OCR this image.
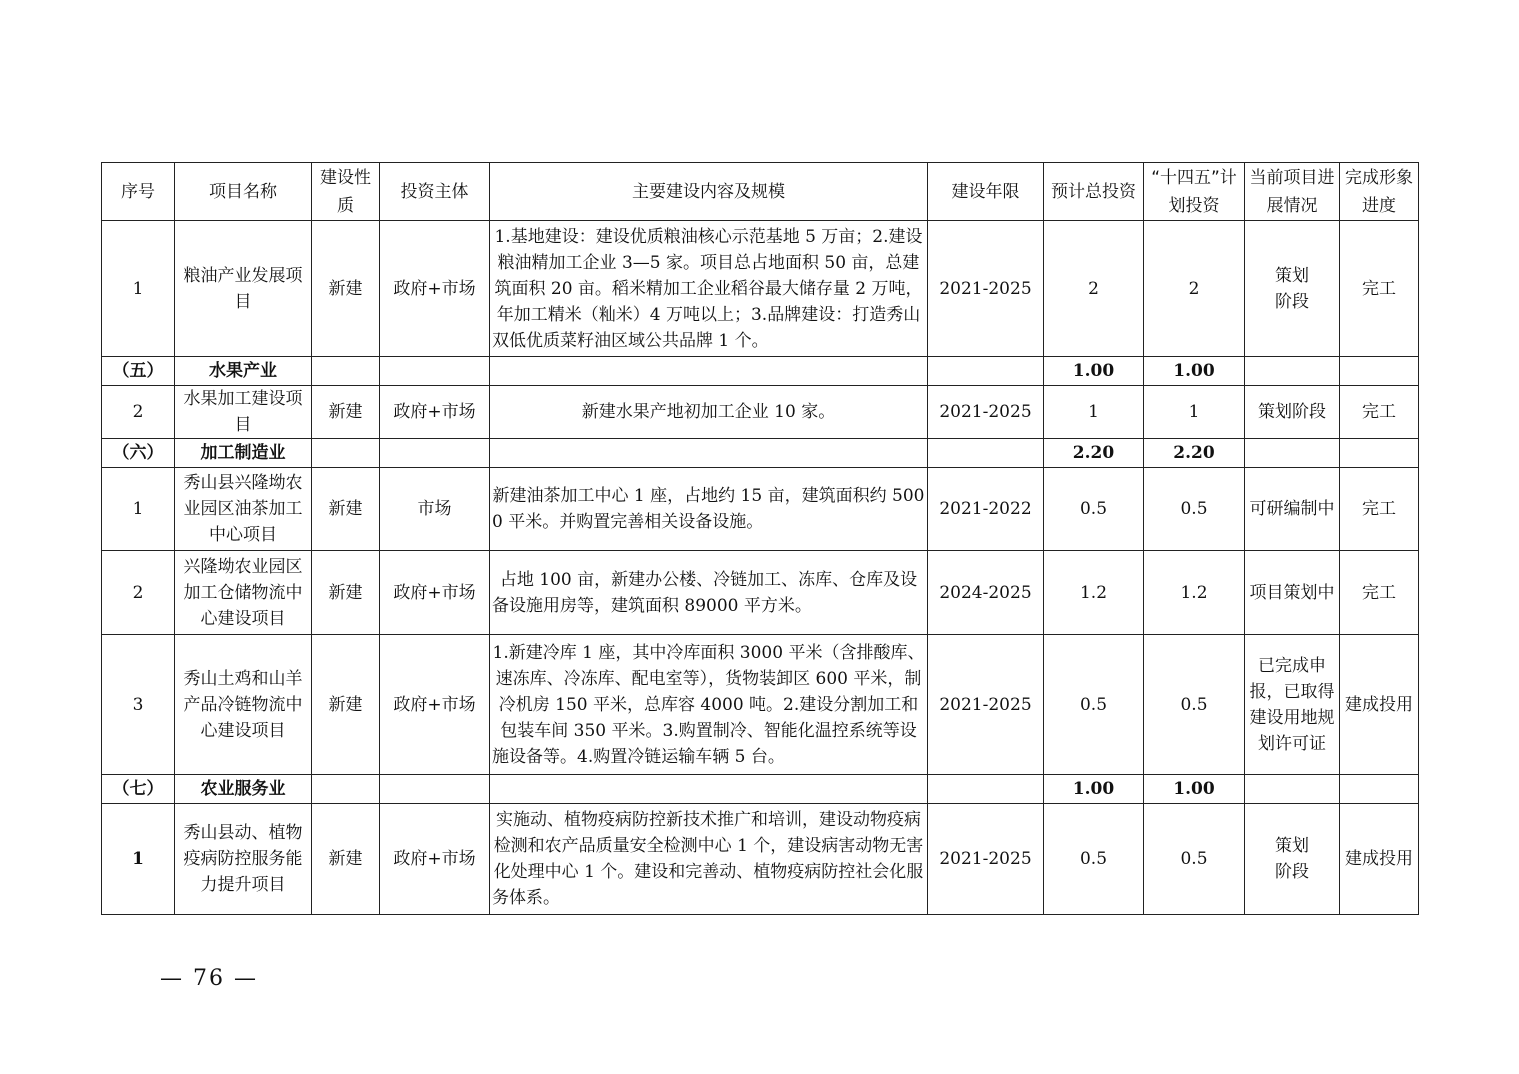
序号	项目名称	建设性质	投资主体	主要建设内容及规模	建设年限	预计总投资	“十四五”计划投资	当前项目进展情况	完成形象进度
1	粮油产业发展项目	新建	政府+市场	1.基地建设：建设优质粮油核心示范基地 5 万亩；2.建设粮油精加工企业 3—5 家。项目总占地面积 50 亩，总建筑面积 20 亩。稻米精加工企业稻谷最大储存量 2 万吨，年加工精米（籼米）4 万吨以上；3.品牌建设：打造秀山双低优质菜籽油区域公共品牌 1 个。	2021-2025	2	2	策划阶段	完工
（五）	水果产业					1.00	1.00		
2	水果加工建设项目	新建	政府+市场	新建水果产地初加工企业 10 家。	2021-2025	1	1	策划阶段	完工
（六）	加工制造业					2.20	2.20		
1	秀山县兴隆坳农业园区油茶加工中心项目	新建	市场	新建油茶加工中心 1 座，占地约 15 亩，建筑面积约 5000 平米。并购置完善相关设备设施。	2021-2022	0.5	0.5	可研编制中	完工
2	兴隆坳农业园区加工仓储物流中心建设项目	新建	政府+市场	占地 100 亩，新建办公楼、冷链加工、冻库、仓库及设备设施用房等，建筑面积 89000 平方米。	2024-2025	1.2	1.2	项目策划中	完工
3	秀山土鸡和山羊产品冷链物流中心建设项目	新建	政府+市场	1.新建冷库 1 座，其中冷库面积 3000 平米（含排酸库、速冻库、冷冻库、配电室等），货物装卸区 600 平米，制冷机房 150 平米，总库容 4000 吨。2.建设分割加工和包装车间 350 平米。3.购置制冷、智能化温控系统等设施设备等。4.购置冷链运输车辆 5 台。	2021-2025	0.5	0.5	已完成申报，已取得建设用地规划许可证	建成投用
（七）	农业服务业					1.00	1.00		
1	秀山县动、植物疫病防控服务能力提升项目	新建	政府+市场	实施动、植物疫病防控新技术推广和培训，建设动物疫病检测和农产品质量安全检测中心 1 个，建设病害动物无害化处理中心 1 个。建设和完善动、植物疫病防控社会化服务体系。	2021-2025	0.5	0.5	策划阶段	建成投用
— 76 —
